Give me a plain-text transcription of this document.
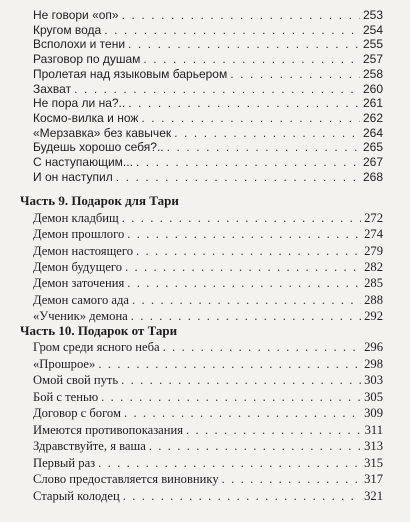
Не говори «оп» . . .	253
Кругом вода . . .	254
Всполохи и тени . . .	255
Разговор по душам . . .	257
Пролетая над языковым барьером . . .	258
Захват . . .	260
Не пора ли на?.. . . .	261
Космо-вилка и нож . . .	262
«Мерзавка» без кавычек . . .	264
Будешь хорошо себя?.. . . .	265
С наступающим... . . .	267
И он наступил . . .	268
Часть 9. Подарок для Тари
Демон кладбищ . . .	272
Демон прошлого . . .	274
Демон настоящего . . .	279
Демон будущего . . .	282
Демон заточения . . .	285
Демон самого ада . . .	288
«Ученик» демона . . .	292
Часть 10. Подарок от Тари
Гром среди ясного неба . . .	296
«Прошрое» . . .	298
Омой свой путь . . .	303
Бой с тенью . . .	305
Договор с богом . . .	309
Имеются противопоказания . . .	311
Здравствуйте, я ваша . . .	313
Первый раз . . .	315
Слово предоставляется виновнику . . .	317
Старый колодец . . .	321
